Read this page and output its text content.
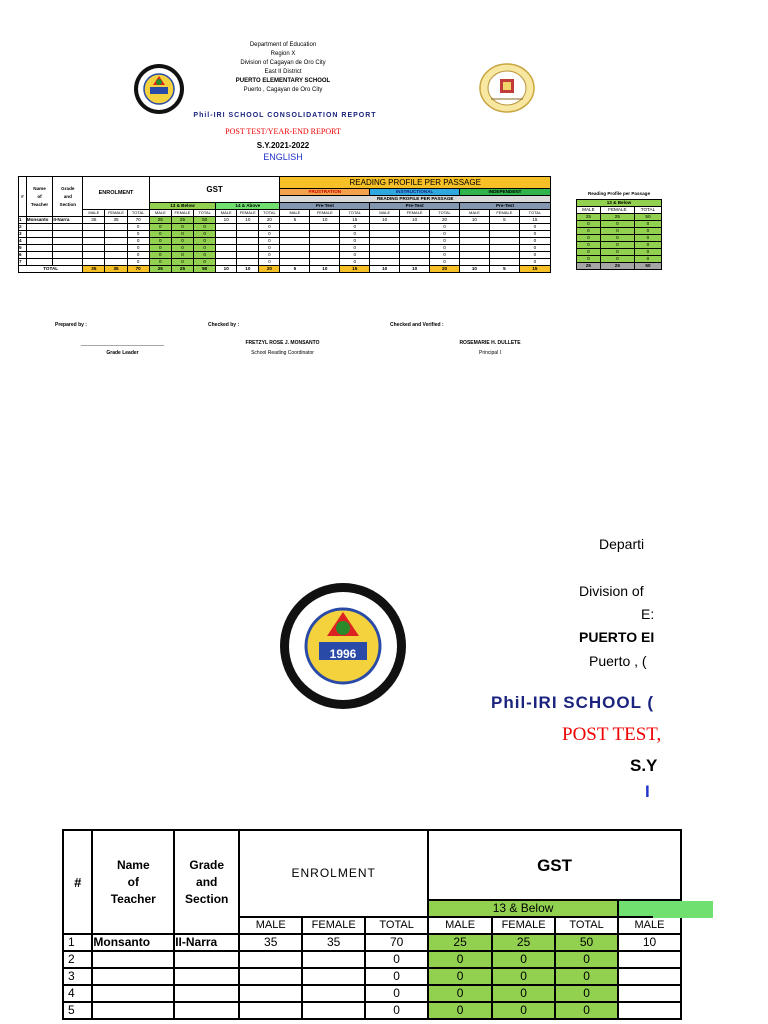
Department of Education
Region X
Division of Cagayan de Oro City
East II District
PUERTO ELEMENTARY SCHOOL
Puerto , Cagayan de Oro City
Phil-IRI SCHOOL CONSOLIDATION REPORT
POST TEST/YEAR-END REPORT
S.Y.2021-2022
ENGLISH
#	Name
of
Teacher	Grade
and
Section	ENROLMENT			GST						READING PROFILE PER PASSAGE								
												FRUSTRATION			INSTRUCTIONAL			INDEPENDENT		
												READING PROFILE PER PASSAGE								
						13 & Below			14 & Above			Pre-Test			Pre-Test			Pre-Test		
			MALE	FEMALE	TOTAL	MALE	FEMALE	TOTAL	MALE	FEMALE	TOTAL	MALE	FEMALE	TOTAL	MALE	FEMALE	TOTAL	MALE	FEMALE	TOTAL
1	Monsanto	II-Narra	35	35	70	25	25	50	10	10	20	5	10	15	10	10	20	10	5	15
2					0	0	0	0			0			0			0			0
3					0	0	0	0			0			0			0			0
4					0	0	0	0			0			0			0			0
5					0	0	0	0			0			0			0			0
6					0	0	0	0			0			0			0			0
7					0	0	0	0			0			0			0			0
TOTAL			35	35	70	25	25	50	10	10	20	5	10	15	10	10	20	10	5	15
Reading Profile per Passage
13 & Below		
MALE	FEMALE	TOTAL
25	25	50
0	0	0
0	0	0
0	0	0
0	0	0
0	0	0
0	0	0
25	25	50
Prepared by :	Checked by :	Checked and Verified :
______________________________
Grade Leader
FRETZYL ROSE J. MONSANTO
School Reading Coordinator
ROSEMARIE H. DULLETE
Principal I
Departi
Division of
E:
PUERTO EI
Puerto , (
Phil-IRI SCHOOL (
POST TEST,
S.Y
I
1996
#	Name
of
Teacher	Grade
and
Section	ENROLMENT			GST			
						13 & Below	
			MALE	FEMALE	TOTAL	MALE	FEMALE	TOTAL	MALE
1	Monsanto	II-Narra	35	35	70	25	25	50	10
2					0	0	0	0	
3					0	0	0	0	
4					0	0	0	0	
5					0	0	0	0	
